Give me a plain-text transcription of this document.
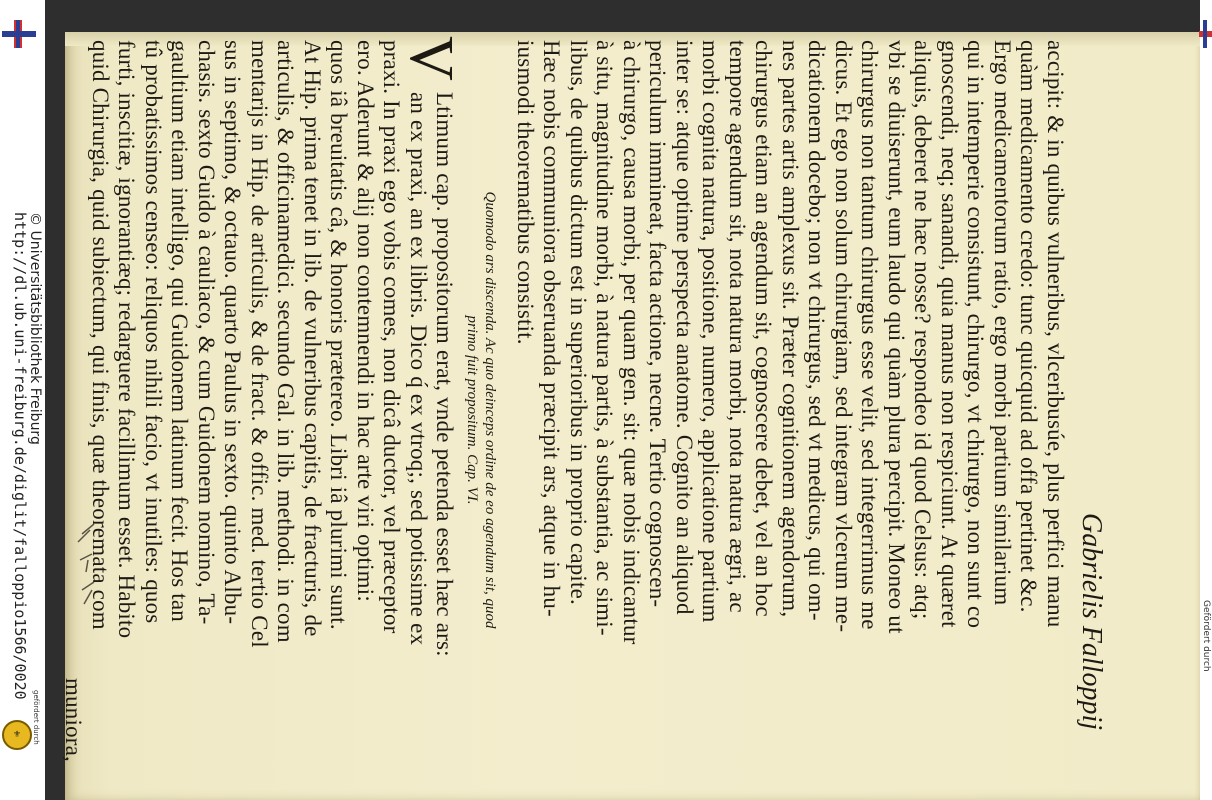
http://dl.ub.uni-freiburg.de/diglit/falloppio1566/0020
© Universitätsbibliothek Freiburg
gefördert durch
⚜
Gefördert durch
Gabrielis Falloppij
accipit: & in quibus vulneribus, vlceribusúe, plus perfici manu
quàm medicamento credo: tunc quicquid ad offa pertinet &c.
Ergo medicamentorum ratio, ergo morbi partium similarium
qui in intemperie consistunt, chirurgo, vt chirurgo, non sunt co
gnoscendi, neq; sanandi, quia manus non respiciunt. At quæret
aliquis, deberet ne hæc nosse? respondeo id quod Celsus: atq;
vbi se diuiserunt, eum laudo qui quàm plura percipit. Moneo ut
chirurgus non tantum chirurgus esse velit, sed integerrimus me
dicus. Et ego non solum chirurgiam, sed integram vlcerum me-
dicationem docebo; non vt chirurgus, sed vt medicus, qui om-
nes partes artis amplexus sit. Præter cognitionem agendorum,
chirurgus etiam an agendum sit, cognoscere debet, vel an hoc
tempore agendum sit, nota natura morbi, nota natura ægri, ac
morbi cognita natura, positione, numero, applicatione partium
inter se: atque optime perspecta anatome. Cognito an aliquod
periculum immineat, facta actione, necne. Tertio cognoscen-
à chirurgo, causa morbi, per quam gen. sit: quæ nobis indicantur
à situ, magnitudine morbi, à natura partis, à substantia, ac simi-
libus, de quibus dictum est in superioribus in proprio capite.
Hæc nobis communiora obseruanda præcipit ars, atque in hu-
iusmodi theorematibus consistit.
Quomodo ars discenda. Ac quo deinceps ordine de eo agendum sit, quod
primo fuit propositum. Cap. VI.
V
Ltimum cap. propositorum erat, vnde petenda esset hæc ars:
an ex praxi, an ex libris. Dico q́ ex vtroq;, sed potissime ex
praxi. In praxi ego vobis comes, non dicâ ductor, vel præceptor
ero. Aderunt & alij non contemnendi in hac arte viri optimi:
quos iâ breuitatis câ, & honoris prætereo. Libri iâ plurimi sunt.
At Hip. prima tenet in lib. de vulneribus capitis, de fracturis, de
articulis, & officinamedici. secundo Gal. in lib. methodi. in com
mentarijs in Hip. de articulis, & de fract. & offic. med. tertio Cel
sus in septimo, & octauo. quarto Paulus in sexto. quinto Albu-
chasis. sexto Guido à cauliaco, & cum Guidonem nomino, Ta-
gaultium etiam intelligo, qui Guidonem latinum fecit. Hos tan
tû probatissimos censeo: reliquos nihili facio, vt inutiles: quos
furti, inscitiæ, ignorantiæq; redarguere facillimum esset. Habito
quid Chirurgia, quid subiectum, qui finis, quæ theoremata com
muniora,
